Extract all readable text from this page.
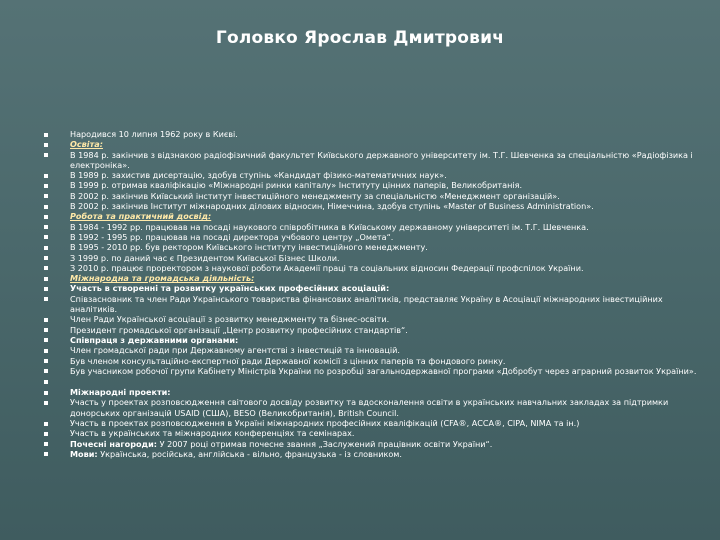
Головко Ярослав Дмитрович
Народився 10 липня 1962 року в Києві.
Освіта:
В 1984 р. закінчив з відзнакою радіофізичний факультет Київського державного університету ім. Т.Г. Шевченка за спеціальністю «Радіофізика і електроніка».
В 1989 р. захистив дисертацію, здобув ступінь «Кандидат фізико-математичних наук».
В 1999 р. отримав кваліфікацію «Міжнародні ринки капіталу» Інституту цінних паперів, Великобританія.
В 2002 р. закінчив Київський інститут інвестиційного менеджменту за спеціальністю «Менеджмент організацій».
В 2002 р. закінчив Інститут міжнародних ділових відносин, Німеччина, здобув ступінь «Master of Business Administration».
Робота та практичний досвід:
В 1984 - 1992 рр. працював на посаді наукового співробітника в Київському державному університеті ім. Т.Г. Шевченка.
В 1992 - 1995 рр. працював на посаді директора учбового центру „Омета“.
В 1995 - 2010 рр. був ректором Київського інституту інвестиційного менеджменту.
З 1999 р. по даний час є Президентом Київської Бізнес Школи.
З 2010 р. працює проректором з наукової роботи Академії праці та соціальних відносин Федерації профспілок України.
Міжнародна та громадська діяльність:
Участь в створенні та розвитку українських професійних асоціацій:
Співзасновник та член Ради Українського товариства фінансових аналітиків, представляє Україну в Асоціації міжнародних інвестиційних аналітиків.
Член Ради Української асоціації з розвитку менеджменту та бізнес-освіти.
Президент громадської організації „Центр розвитку професійних стандартів“.
Співпраця з державними органами:
Член громадської ради при Державному агентстві з інвестицій та інновацій.
Був членом консультаційно-експертної ради Державної комісії з цінних паперів та фондового ринку.
Був учасником робочої групи Кабінету Міністрів України по розробці загальнодержавної програми «Добробут через аграрний розвиток України».
Міжнародні проекти:
Участь у проектах розповсюдження світового досвіду розвитку та вдосконалення освіти в українських навчальних закладах за підтримки донорських організацій USAID (США), BESO (Великобританія), British Council.
Участь в проектах розповсюдження в Україні міжнародних професійних кваліфікацій (CFA®, ACCA®, CIPA, NIMA та ін.)
Участь в українських та міжнародних конференціях та семінарах.
Почесні нагороди: У 2007 році отримав почесне звання „Заслужений працівник освіти України“.
Мови: Українська, російська, англійська - вільно, французька - із словником.
